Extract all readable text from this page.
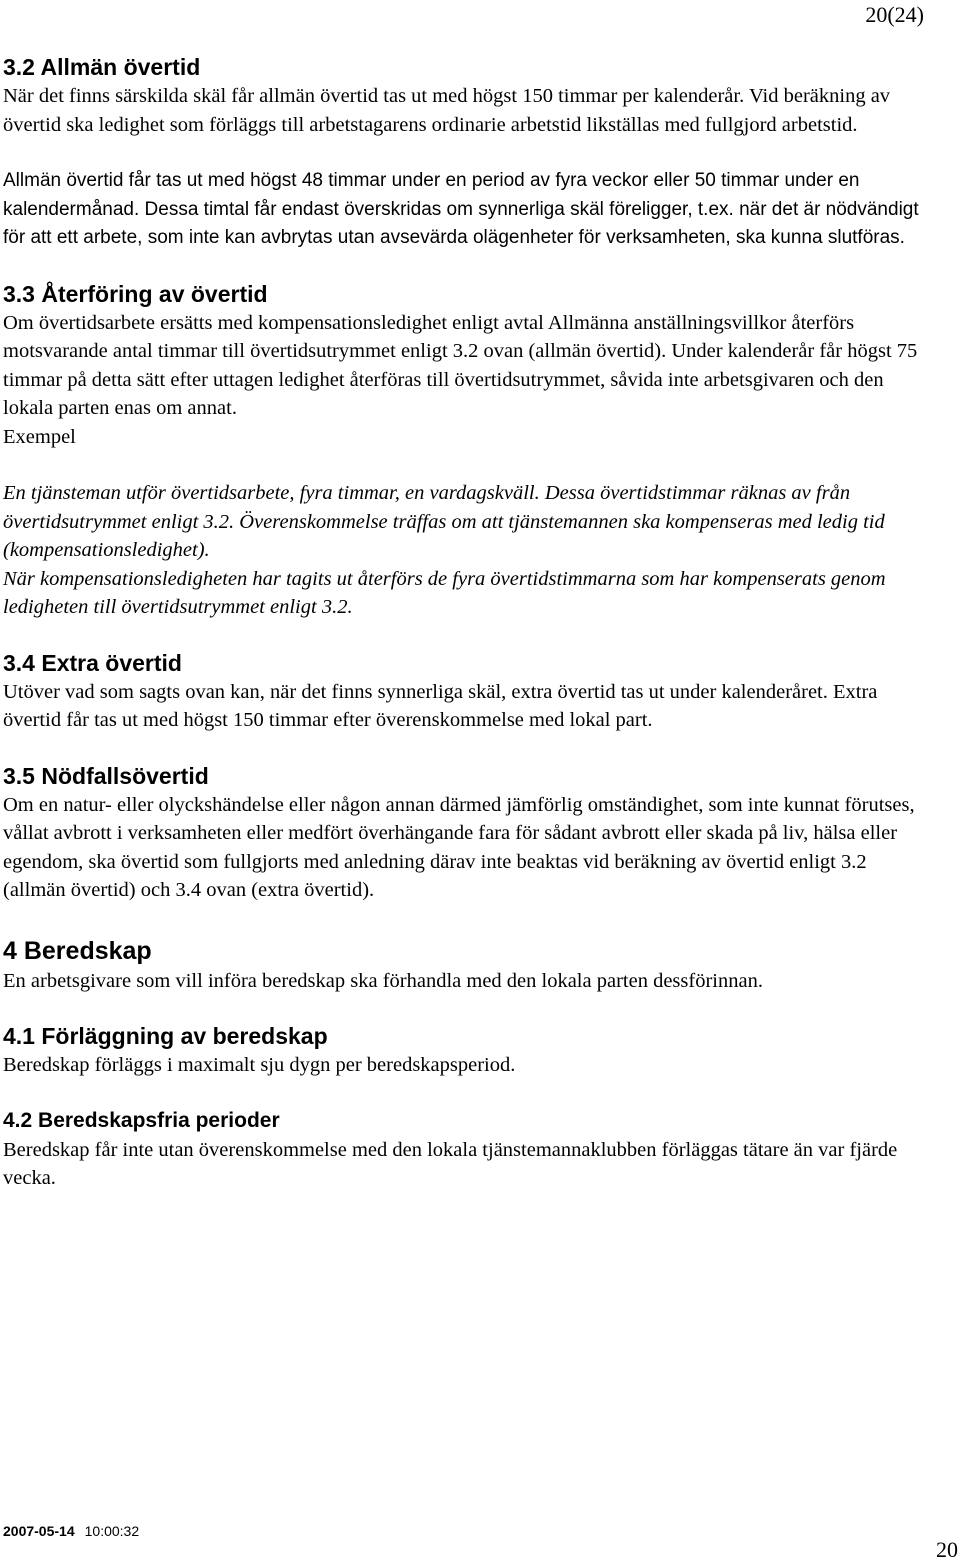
20(24)
3.2 Allmän övertid

När det finns särskilda skäl får allmän övertid tas ut med högst 150 timmar per kalenderår. Vid beräkning av övertid ska ledighet som förläggs till arbetstagarens ordinarie arbetstid likställas med fullgjord arbetstid.

Allmän övertid får tas ut med högst 48 timmar under en period av fyra veckor eller 50 timmar under en kalendermånad. Dessa timtal får endast överskridas om synnerliga skäl föreligger, t.ex. när det är nödvändigt för att ett arbete, som inte kan avbrytas utan avsevärda olägenheter för verksamheten, ska kunna slutföras.

3.3 Återföring av övertid

Om övertidsarbete ersätts med kompensationsledighet enligt avtal Allmänna anställningsvillkor återförs motsvarande antal timmar till övertidsutrymmet enligt 3.2 ovan (allmän övertid). Under kalenderår får högst 75 timmar på detta sätt efter uttagen ledighet återföras till övertidsutrymmet, såvida inte arbetsgivaren och den lokala parten enas om annat.

Exempel

En tjänsteman utför övertidsarbete, fyra timmar, en vardagskväll. Dessa övertidstimmar räknas av från övertidsutrymmet enligt 3.2. Överenskommelse träffas om att tjänstemannen ska kompenseras med ledig tid (kompensationsledighet).

När kompensationsledigheten har tagits ut återförs de fyra övertidstimmarna som har kompenserats genom ledigheten till övertidsutrymmet enligt 3.2.

3.4 Extra övertid

Utöver vad som sagts ovan kan, när det finns synnerliga skäl, extra övertid tas ut under kalenderåret. Extra övertid får tas ut med högst 150 timmar efter överenskommelse med lokal part.

3.5 Nödfallsövertid

Om en natur- eller olyckshändelse eller någon annan därmed jämförlig omständighet, som inte kunnat förutses, vållat avbrott i verksamheten eller medfört överhängande fara för sådant avbrott eller skada på liv, hälsa eller egendom, ska övertid som fullgjorts med anledning därav inte beaktas vid beräkning av övertid enligt 3.2 (allmän övertid) och 3.4 ovan (extra övertid).

4 Beredskap

En arbetsgivare som vill införa beredskap ska förhandla med den lokala parten dessförinnan.

4.1 Förläggning av beredskap

Beredskap förläggs i maximalt sju dygn per beredskapsperiod.

4.2 Beredskapsfria perioder

Beredskap får inte utan överenskommelse med den lokala tjänstemannaklubben förläggas tätare än var fjärde vecka.

2007-05-14 10:00:32
20
